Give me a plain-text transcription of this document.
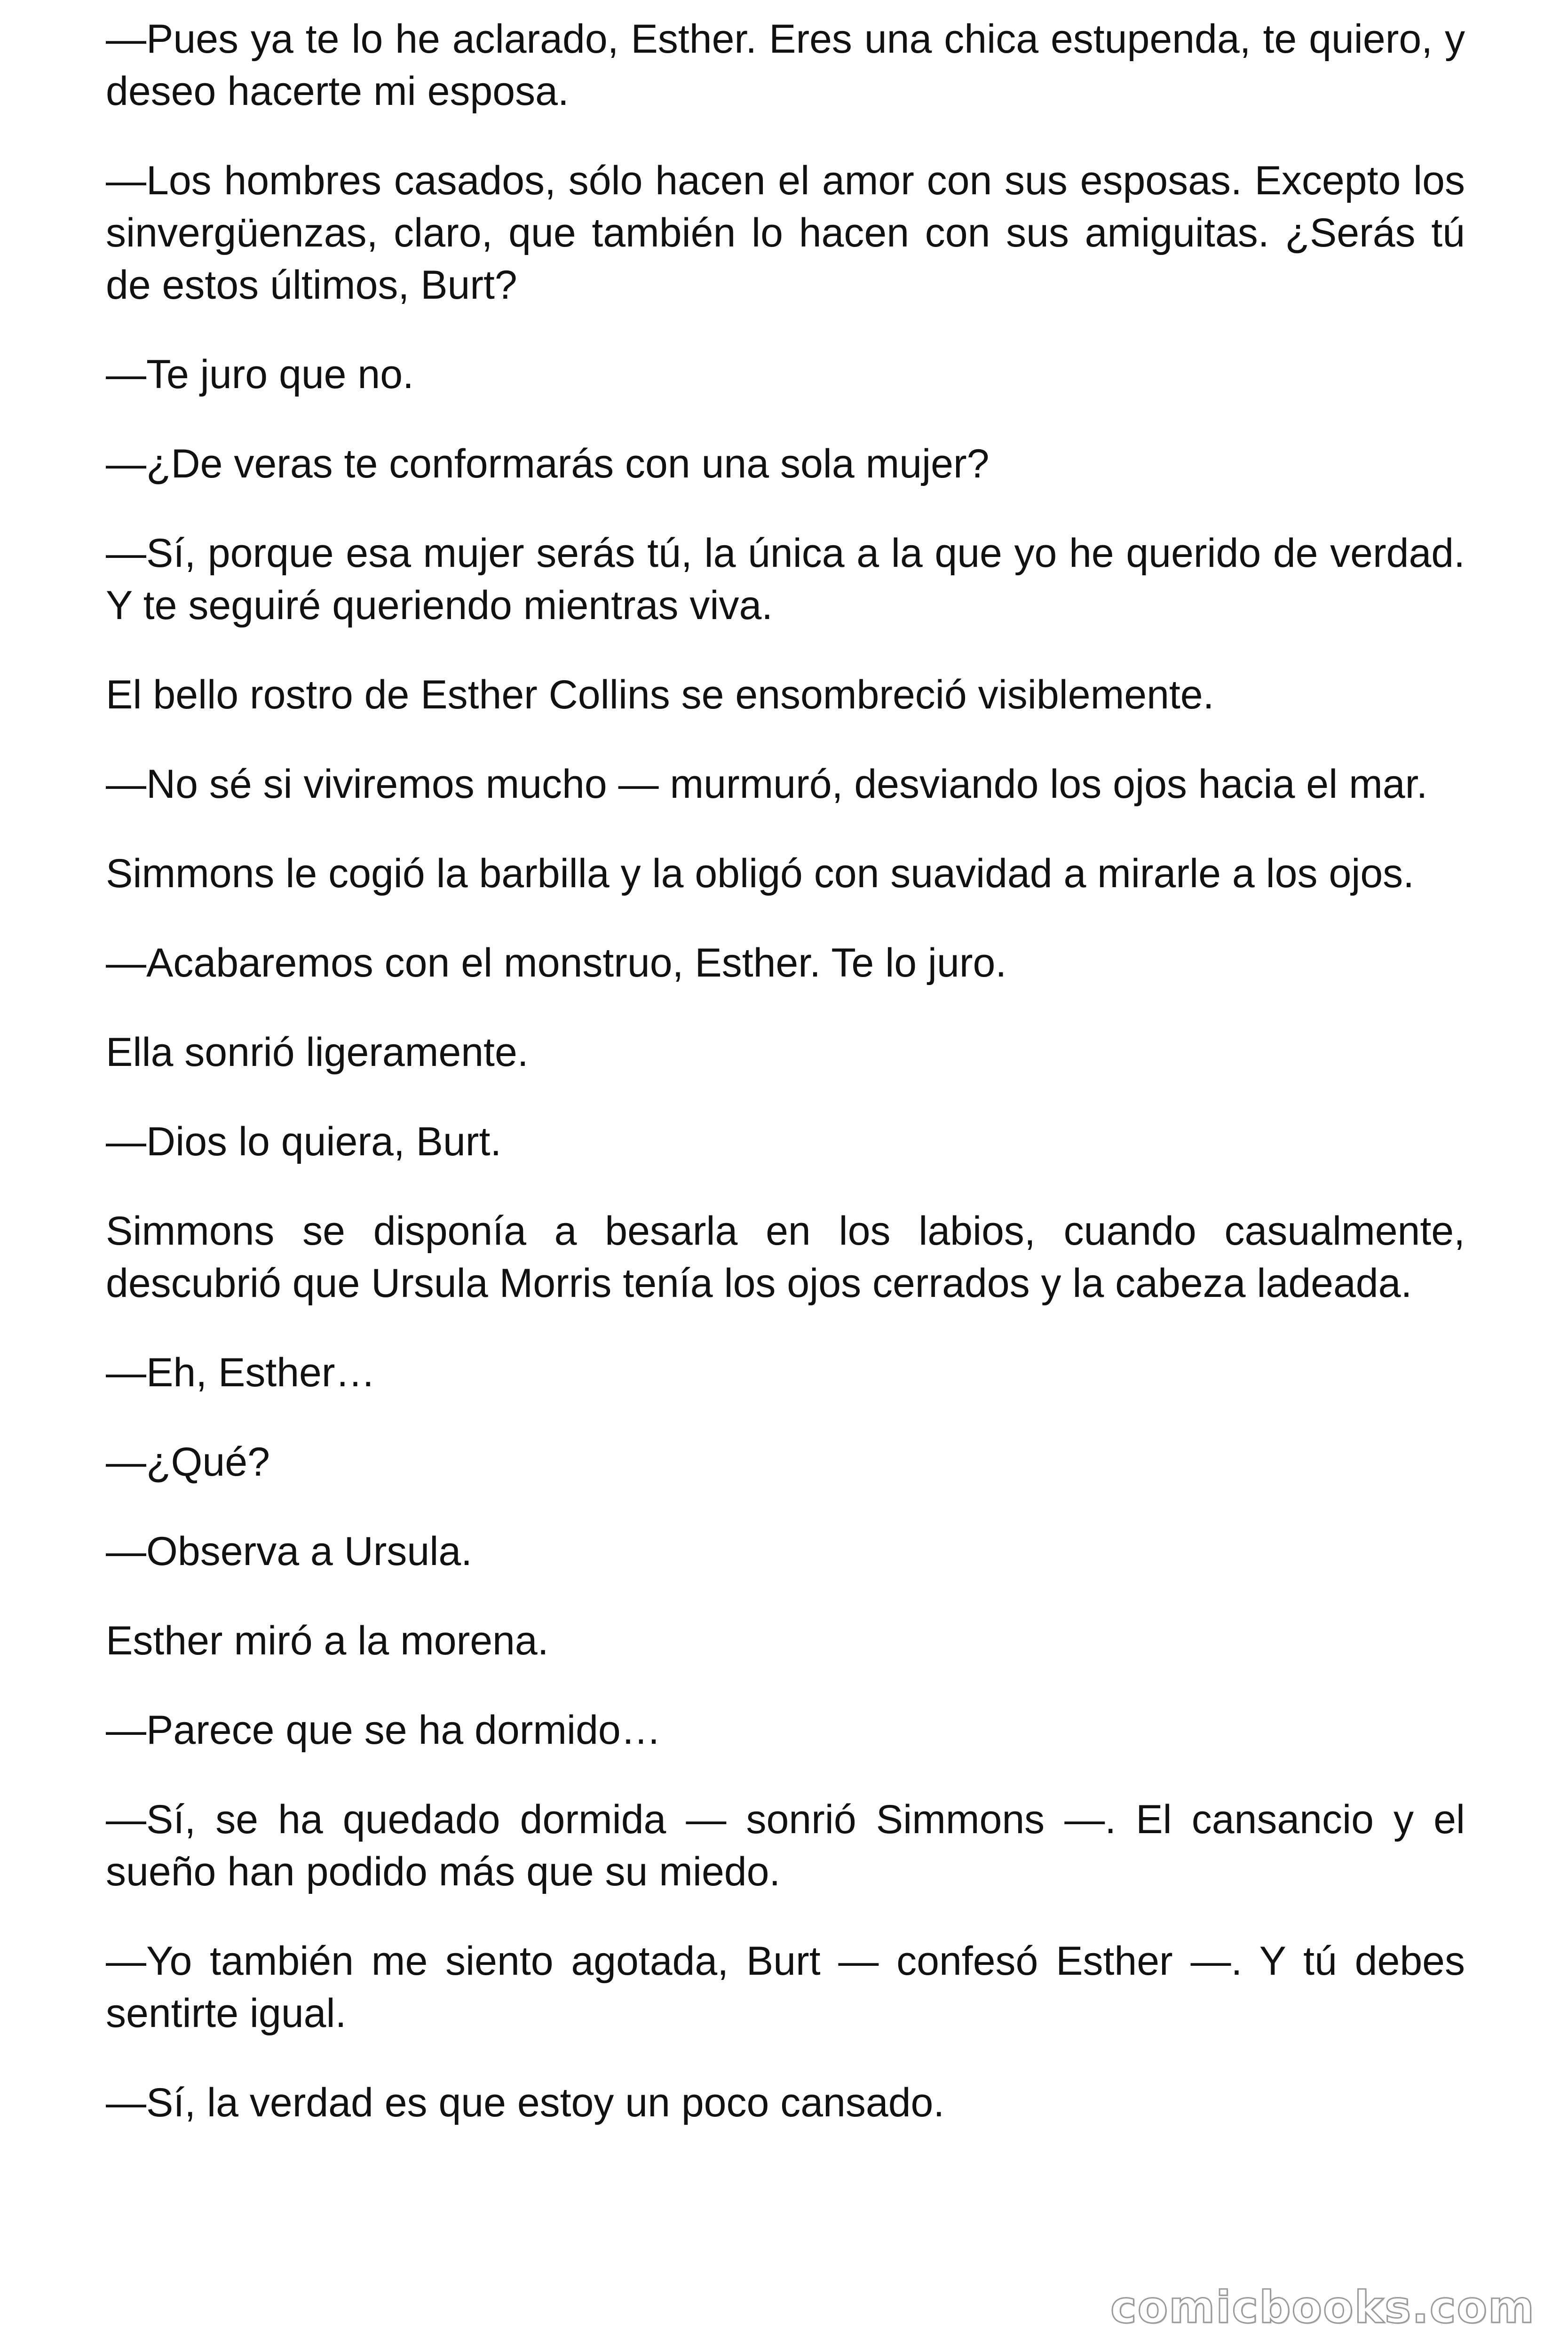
—Pues ya te lo he aclarado, Esther. Eres una chica estupenda, te quiero, y deseo hacerte mi esposa.

—Los hombres casados, sólo hacen el amor con sus esposas. Excepto los sinvergüenzas, claro, que también lo hacen con sus amiguitas. ¿Serás tú de estos últimos, Burt?

—Te juro que no.

—¿De veras te conformarás con una sola mujer?

—Sí, porque esa mujer serás tú, la única a la que yo he querido de verdad. Y te seguiré queriendo mientras viva.

El bello rostro de Esther Collins se ensombreció visiblemente.

—No sé si viviremos mucho — murmuró, desviando los ojos hacia el mar.

Simmons le cogió la barbilla y la obligó con suavidad a mirarle a los ojos.

—Acabaremos con el monstruo, Esther. Te lo juro.

Ella sonrió ligeramente.

—Dios lo quiera, Burt.

Simmons se disponía a besarla en los labios, cuando casualmente, descubrió que Ursula Morris tenía los ojos cerrados y la cabeza ladeada.

—Eh, Esther…

—¿Qué?

—Observa a Ursula.

Esther miró a la morena.

—Parece que se ha dormido…

—Sí, se ha quedado dormida — sonrió Simmons —. El cansancio y el sueño han podido más que su miedo.

—Yo también me siento agotada, Burt — confesó Esther —. Y tú debes sentirte igual.

—Sí, la verdad es que estoy un poco cansado.

comicbooks.com
